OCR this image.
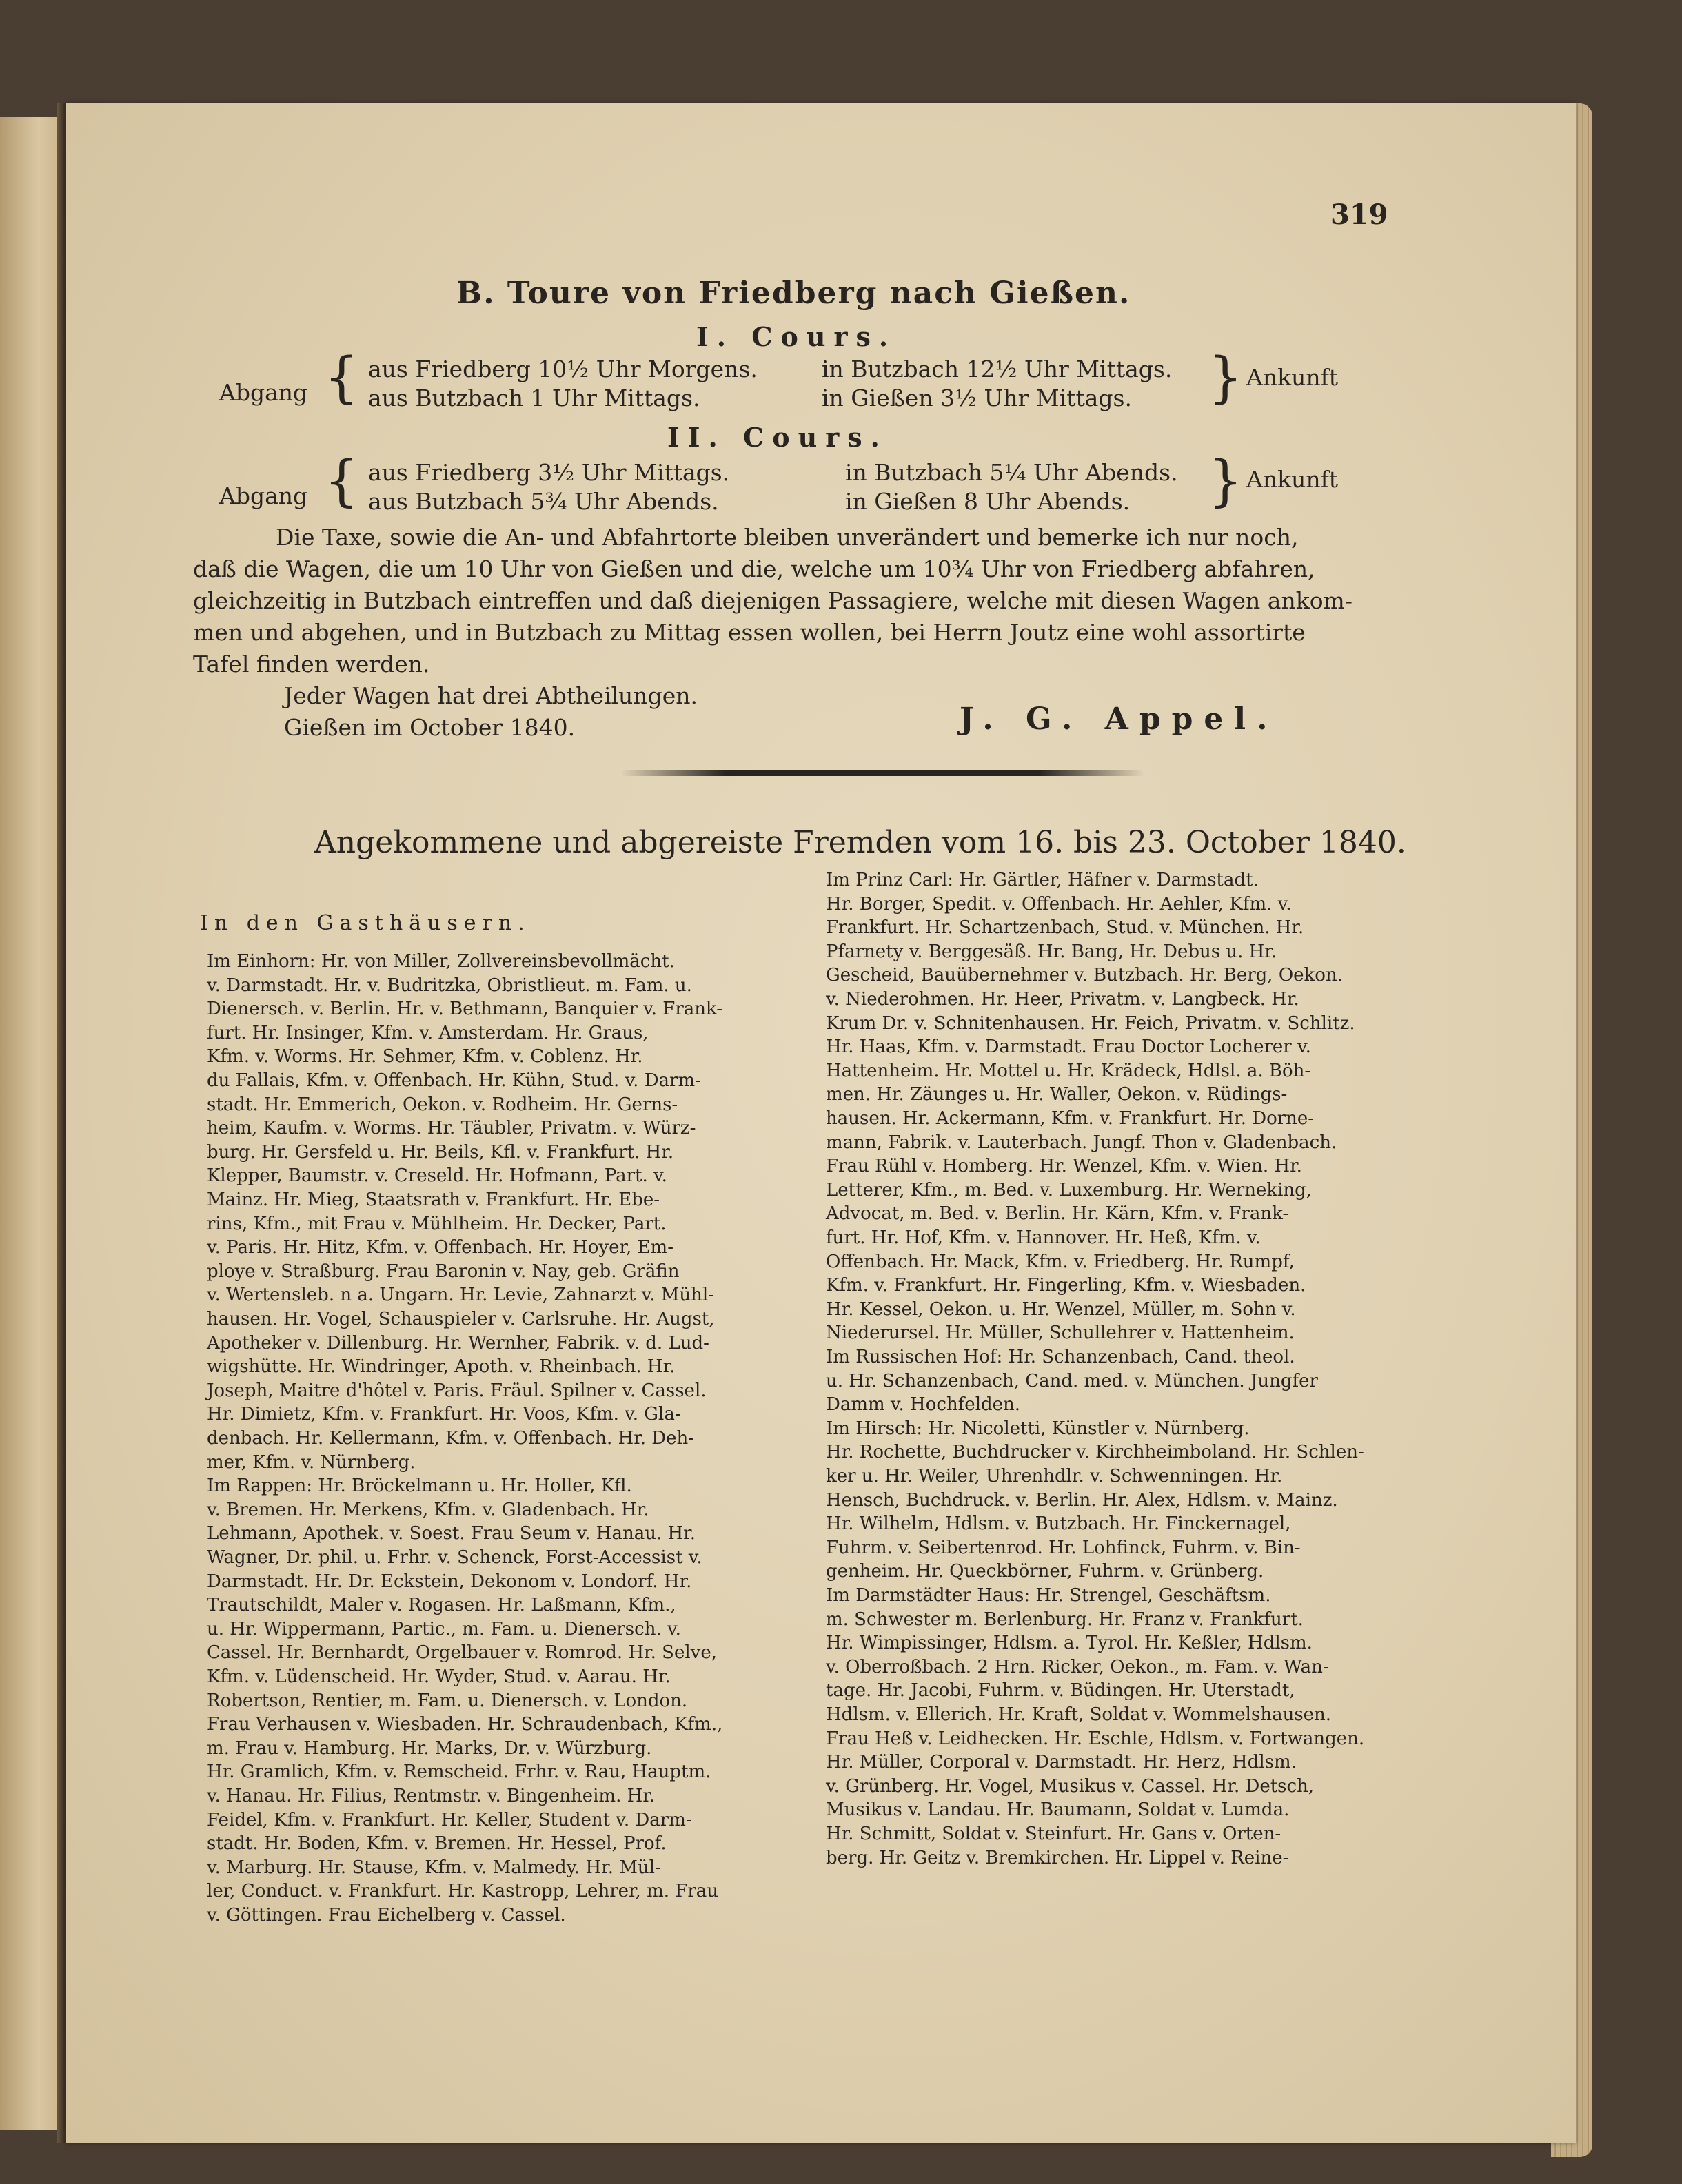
319
B. Toure von Friedberg nach Gießen.
I. Cours.
Abgang { aus Friedberg 10½ Uhr Morgens.
aus Butzbach 1 Uhr Mittags.
in Butzbach 12½ Uhr Mittags.
in Gießen 3½ Uhr Mittags. } Ankunft
II. Cours.
Abgang { aus Friedberg 3½ Uhr Mittags.
aus Butzbach 5¾ Uhr Abends.
in Butzbach 5¼ Uhr Abends.
in Gießen 8 Uhr Abends. } Ankunft
Die Taxe, sowie die An- und Abfahrtorte bleiben unverändert und bemerke ich nur noch,
daß die Wagen, die um 10 Uhr von Gießen und die, welche um 10¾ Uhr von Friedberg abfahren,
gleichzeitig in Butzbach eintreffen und daß diejenigen Passagiere, welche mit diesen Wagen ankom-
men und abgehen, und in Butzbach zu Mittag essen wollen, bei Herrn Joutz eine wohl assortirte
Tafel finden werden.
Jeder Wagen hat drei Abtheilungen.
Gießen im October 1840.	J. G. Appel.
Angekommene und abgereiste Fremden vom 16. bis 23. October 1840.
In den Gasthäusern.
Im Einhorn: Hr. von Miller, Zollvereinsbevollmächt.
v. Darmstadt. Hr. v. Budritzka, Obristlieut. m. Fam. u.
Dienersch. v. Berlin. Hr. v. Bethmann, Banquier v. Frank-
furt. Hr. Insinger, Kfm. v. Amsterdam. Hr. Graus,
Kfm. v. Worms. Hr. Sehmer, Kfm. v. Coblenz. Hr.
du Fallais, Kfm. v. Offenbach. Hr. Kühn, Stud. v. Darm-
stadt. Hr. Emmerich, Oekon. v. Rodheim. Hr. Gerns-
heim, Kaufm. v. Worms. Hr. Täubler, Privatm. v. Würz-
burg. Hr. Gersfeld u. Hr. Beils, Kfl. v. Frankfurt. Hr.
Klepper, Baumstr. v. Creseld. Hr. Hofmann, Part. v.
Mainz. Hr. Mieg, Staatsrath v. Frankfurt. Hr. Ebe-
rins, Kfm., mit Frau v. Mühlheim. Hr. Decker, Part.
v. Paris. Hr. Hitz, Kfm. v. Offenbach. Hr. Hoyer, Em-
ploye v. Straßburg. Frau Baronin v. Nay, geb. Gräfin
v. Wertensleb. n a. Ungarn. Hr. Levie, Zahnarzt v. Mühl-
hausen. Hr. Vogel, Schauspieler v. Carlsruhe. Hr. Augst,
Apotheker v. Dillenburg. Hr. Wernher, Fabrik. v. d. Lud-
wigshütte. Hr. Windringer, Apoth. v. Rheinbach. Hr.
Joseph, Maitre d'hôtel v. Paris. Fräul. Spilner v. Cassel.
Hr. Dimietz, Kfm. v. Frankfurt. Hr. Voos, Kfm. v. Gla-
denbach. Hr. Kellermann, Kfm. v. Offenbach. Hr. Deh-
mer, Kfm. v. Nürnberg.
Im Rappen: Hr. Bröckelmann u. Hr. Holler, Kfl.
v. Bremen. Hr. Merkens, Kfm. v. Gladenbach. Hr.
Lehmann, Apothek. v. Soest. Frau Seum v. Hanau. Hr.
Wagner, Dr. phil. u. Frhr. v. Schenck, Forst-Accessist v.
Darmstadt. Hr. Dr. Eckstein, Dekonom v. Londorf. Hr.
Trautschildt, Maler v. Rogasen. Hr. Laßmann, Kfm.,
u. Hr. Wippermann, Partic., m. Fam. u. Dienersch. v.
Cassel. Hr. Bernhardt, Orgelbauer v. Romrod. Hr. Selve,
Kfm. v. Lüdenscheid. Hr. Wyder, Stud. v. Aarau. Hr.
Robertson, Rentier, m. Fam. u. Dienersch. v. London.
Frau Verhausen v. Wiesbaden. Hr. Schraudenbach, Kfm.,
m. Frau v. Hamburg. Hr. Marks, Dr. v. Würzburg.
Hr. Gramlich, Kfm. v. Remscheid. Frhr. v. Rau, Hauptm.
v. Hanau. Hr. Filius, Rentmstr. v. Bingenheim. Hr.
Feidel, Kfm. v. Frankfurt. Hr. Keller, Student v. Darm-
stadt. Hr. Boden, Kfm. v. Bremen. Hr. Hessel, Prof.
v. Marburg. Hr. Stause, Kfm. v. Malmedy. Hr. Mül-
ler, Conduct. v. Frankfurt. Hr. Kastropp, Lehrer, m. Frau
v. Göttingen. Frau Eichelberg v. Cassel.
Im Prinz Carl: Hr. Gärtler, Häfner v. Darmstadt.
Hr. Borger, Spedit. v. Offenbach. Hr. Aehler, Kfm. v.
Frankfurt. Hr. Schartzenbach, Stud. v. München. Hr.
Pfarnety v. Berggesäß. Hr. Bang, Hr. Debus u. Hr.
Gescheid, Bauübernehmer v. Butzbach. Hr. Berg, Oekon.
v. Niederohmen. Hr. Heer, Privatm. v. Langbeck. Hr.
Krum Dr. v. Schnitenhausen. Hr. Feich, Privatm. v. Schlitz.
Hr. Haas, Kfm. v. Darmstadt. Frau Doctor Locherer v.
Hattenheim. Hr. Mottel u. Hr. Krädeck, Hdlsl. a. Böh-
men. Hr. Zäunges u. Hr. Waller, Oekon. v. Rüdings-
hausen. Hr. Ackermann, Kfm. v. Frankfurt. Hr. Dorne-
mann, Fabrik. v. Lauterbach. Jungf. Thon v. Gladenbach.
Frau Rühl v. Homberg. Hr. Wenzel, Kfm. v. Wien. Hr.
Letterer, Kfm., m. Bed. v. Luxemburg. Hr. Werneking,
Advocat, m. Bed. v. Berlin. Hr. Kärn, Kfm. v. Frank-
furt. Hr. Hof, Kfm. v. Hannover. Hr. Heß, Kfm. v.
Offenbach. Hr. Mack, Kfm. v. Friedberg. Hr. Rumpf,
Kfm. v. Frankfurt. Hr. Fingerling, Kfm. v. Wiesbaden.
Hr. Kessel, Oekon. u. Hr. Wenzel, Müller, m. Sohn v.
Niederursel. Hr. Müller, Schullehrer v. Hattenheim.
Im Russischen Hof: Hr. Schanzenbach, Cand. theol.
u. Hr. Schanzenbach, Cand. med. v. München. Jungfer
Damm v. Hochfelden.
Im Hirsch: Hr. Nicoletti, Künstler v. Nürnberg.
Hr. Rochette, Buchdrucker v. Kirchheimboland. Hr. Schlen-
ker u. Hr. Weiler, Uhrenhdlr. v. Schwenningen. Hr.
Hensch, Buchdruck. v. Berlin. Hr. Alex, Hdlsm. v. Mainz.
Hr. Wilhelm, Hdlsm. v. Butzbach. Hr. Finckernagel,
Fuhrm. v. Seibertenrod. Hr. Lohfinck, Fuhrm. v. Bin-
genheim. Hr. Queckbörner, Fuhrm. v. Grünberg.
Im Darmstädter Haus: Hr. Strengel, Geschäftsm.
m. Schwester m. Berlenburg. Hr. Franz v. Frankfurt.
Hr. Wimpissinger, Hdlsm. a. Tyrol. Hr. Keßler, Hdlsm.
v. Oberroßbach. 2 Hrn. Ricker, Oekon., m. Fam. v. Wan-
tage. Hr. Jacobi, Fuhrm. v. Büdingen. Hr. Uterstadt,
Hdlsm. v. Ellerich. Hr. Kraft, Soldat v. Wommelshausen.
Frau Heß v. Leidhecken. Hr. Eschle, Hdlsm. v. Fortwangen.
Hr. Müller, Corporal v. Darmstadt. Hr. Herz, Hdlsm.
v. Grünberg. Hr. Vogel, Musikus v. Cassel. Hr. Detsch,
Musikus v. Landau. Hr. Baumann, Soldat v. Lumda.
Hr. Schmitt, Soldat v. Steinfurt. Hr. Gans v. Orten-
berg. Hr. Geitz v. Bremkirchen. Hr. Lippel v. Reine-
